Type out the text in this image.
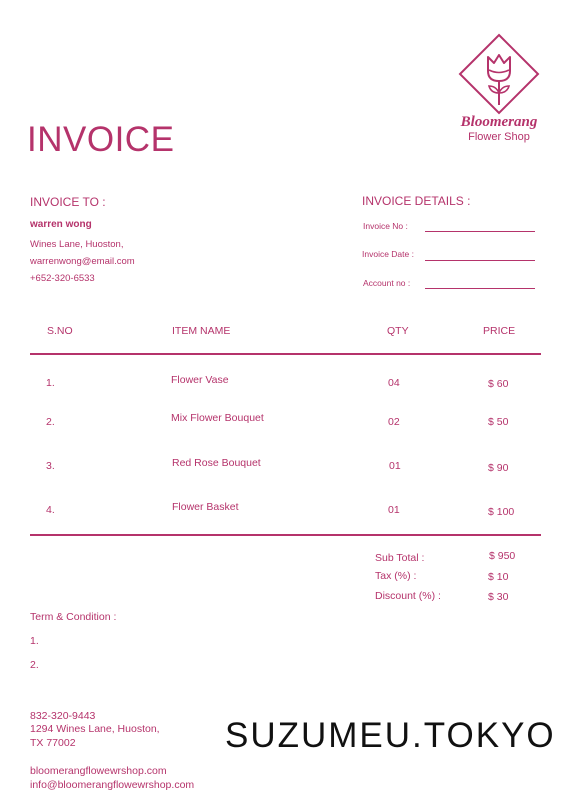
Bloomerang
Flower Shop
INVOICE
INVOICE TO :
warren wong
Wines Lane, Huoston,
warrenwong@email.com
+652-320-6533
INVOICE DETAILS :
Invoice No :
Invoice Date :
Account no :
S.NO	ITEM NAME	QTY	PRICE
1.	Flower Vase	04	$ 60
2.	Mix Flower Bouquet	02	$ 50
3.	Red Rose Bouquet	01	$ 90
4.	Flower Basket	01	$ 100
Sub Total :	$ 950
Tax (%) :	$ 10
Discount (%) :	$ 30
Term & Condition :
1.
2.
832-320-9443
1294 Wines Lane, Huoston,
TX 77002
bloomerangflowewrshop.com
info@bloomerangflowewrshop.com
SUZUMEU.TOKYO
